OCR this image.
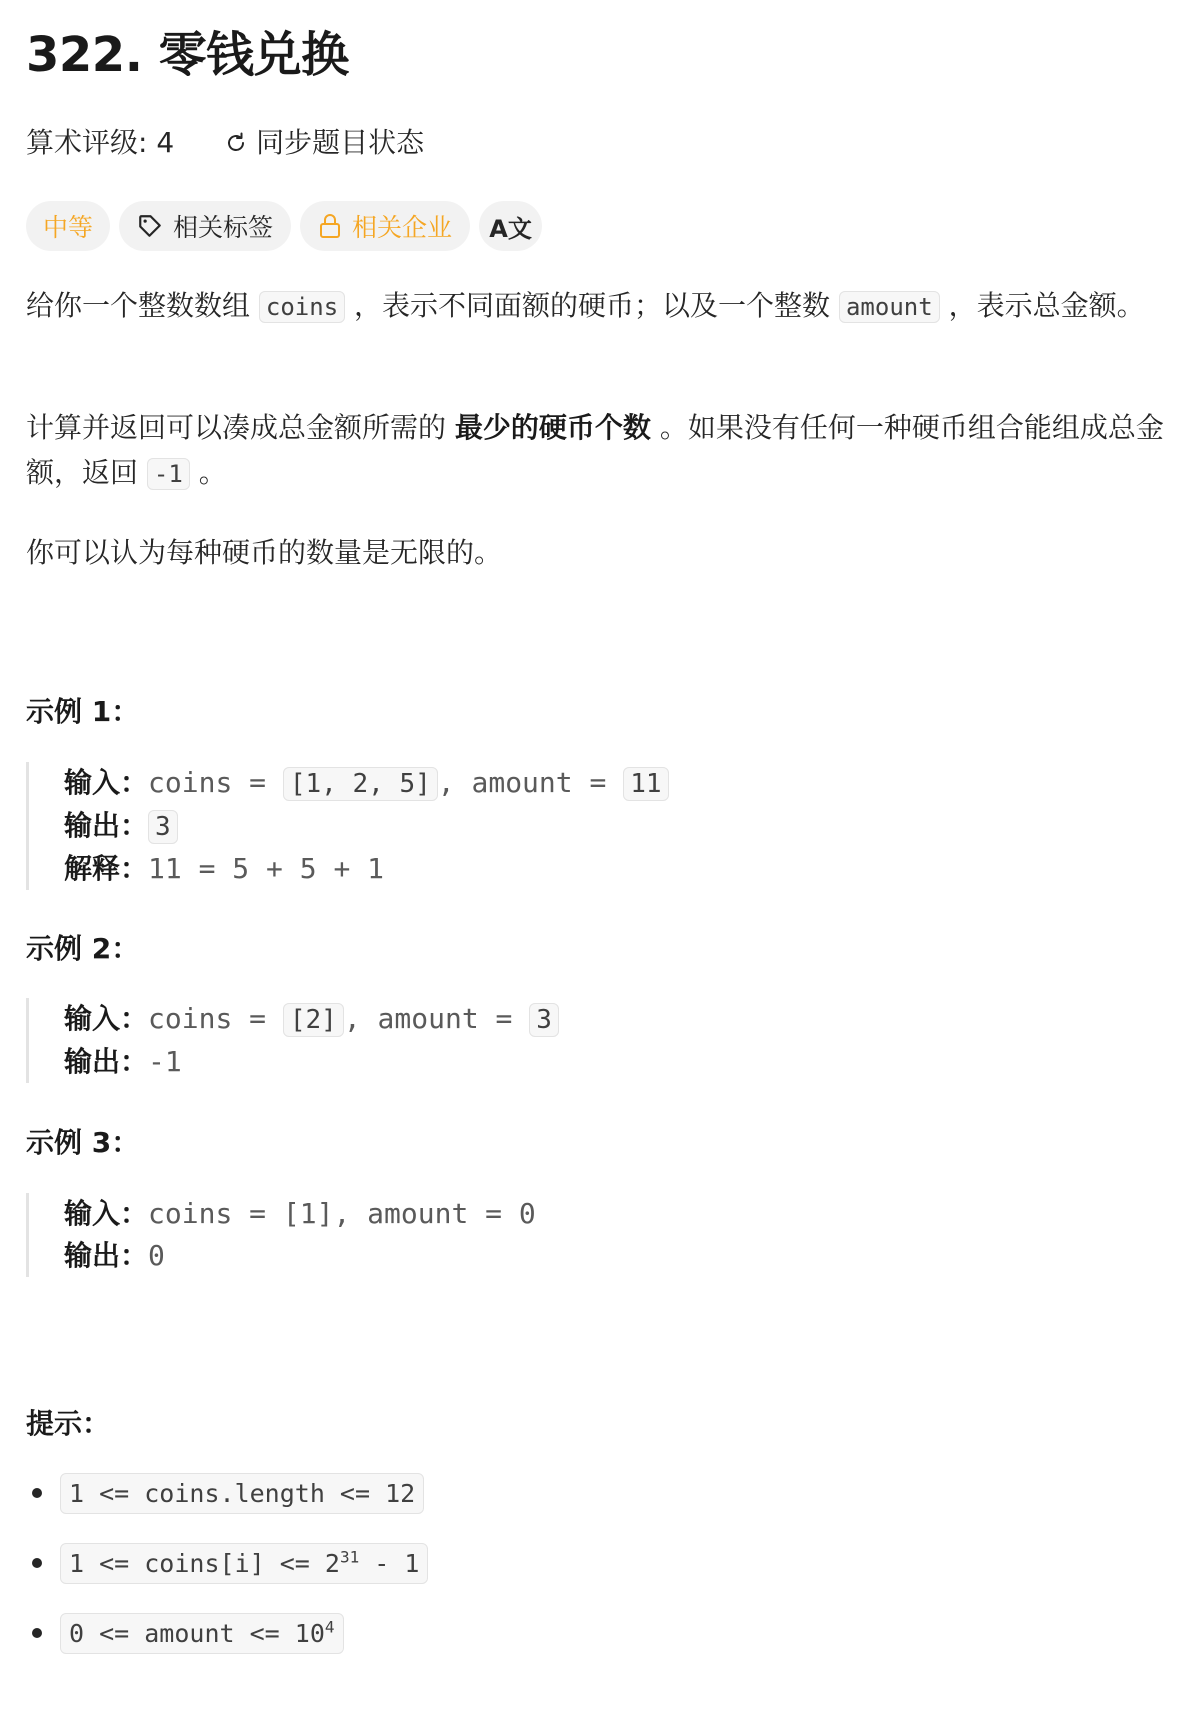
322. 零钱兑换
算术评级: 4	同步题目状态
中等	相关标签	相关企业 A文
给你一个整数数组 coins ，表示不同面额的硬币；以及一个整数 amount ，表示总金额。
计算并返回可以凑成总金额所需的 最少的硬币个数 。如果没有任何一种硬币组合能组成总金额，返回 -1 。
你可以认为每种硬币的数量是无限的。
示例 1：
输入：coins = [1, 2, 5] , amount = 11
输出： 3
解释：11 = 5 + 5 + 1
示例 2：
输入：coins = [2] , amount = 3
输出：-1
示例 3：
输入：coins = [1], amount = 0
输出：0
提示：
1 <= coins.length <= 12
1 <= coins[i] <= $2^{31} - 1$
0 <= amount <= $10^4$
